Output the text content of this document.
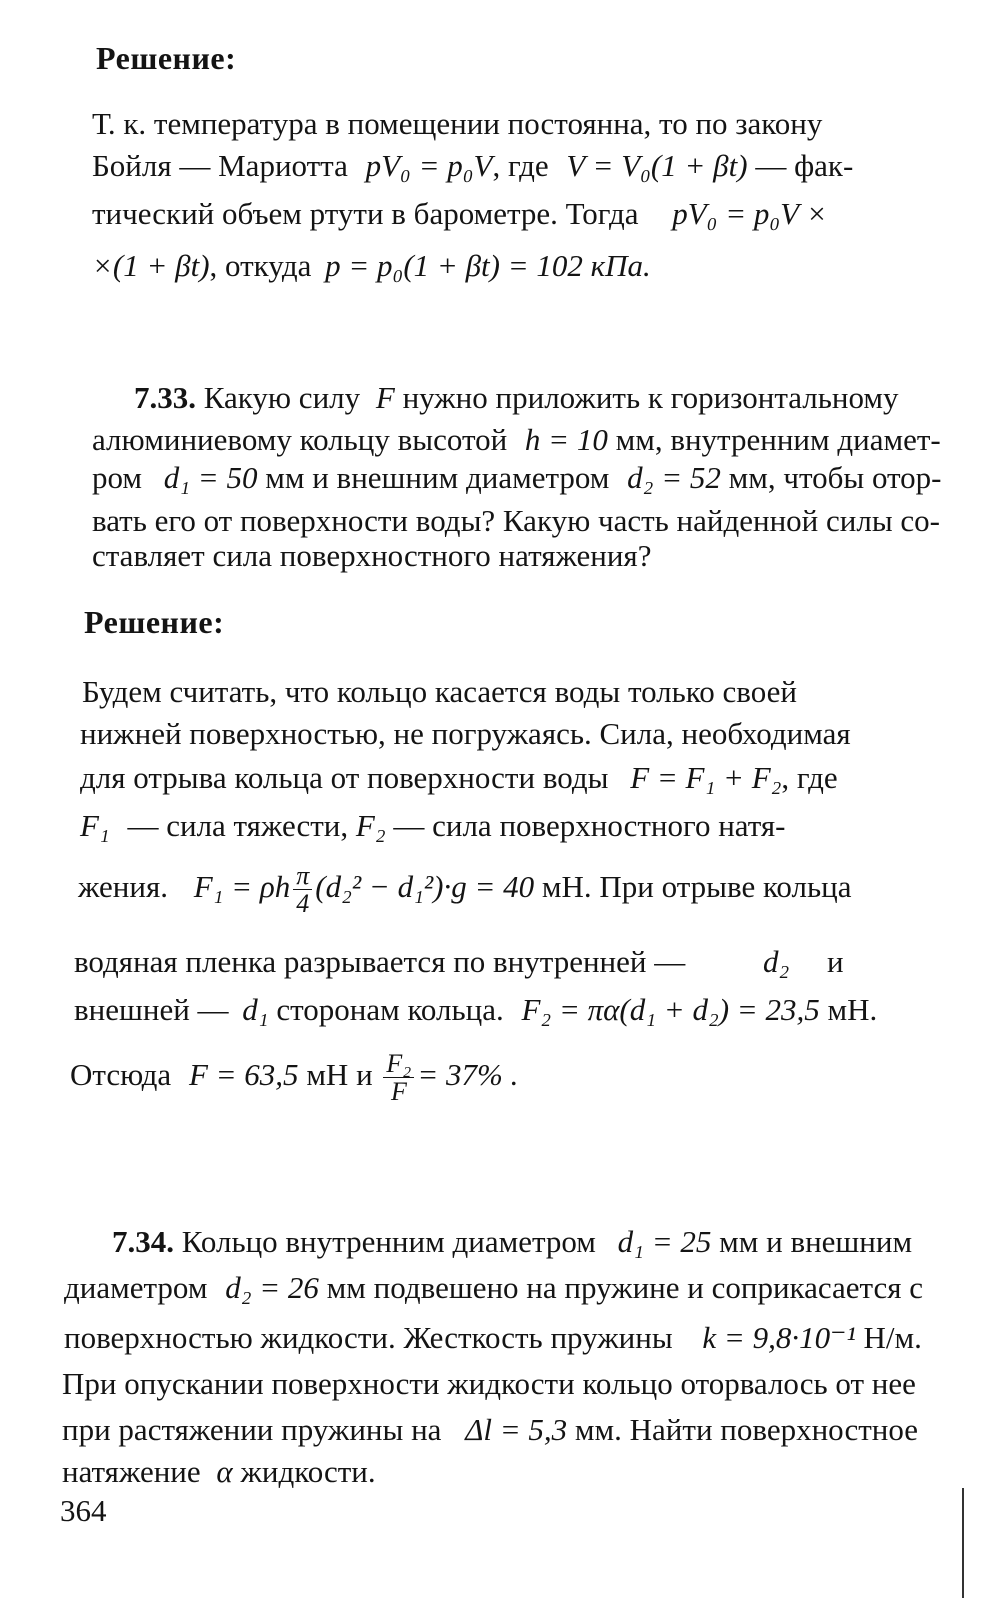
Решение:
Т. к. температура в помещении постоянна, то по закону
Бойля — Мариотта pV₀ = p₀V, где V = V₀(1 + βt) — фак-
тический объем ртути в барометре. Тогда pV₀ = p₀V ×
×(1 + βt), откуда p = p₀(1 + βt) = 102 кПа.
7.33. Какую силу F нужно приложить к горизонтальному
алюминиевому кольцу высотой h = 10 мм, внутренним диамет-
ром d₁ = 50 мм и внешним диаметром d₂ = 52 мм, чтобы отор-
вать его от поверхности воды? Какую часть найденной силы со-
ставляет сила поверхностного натяжения?
Решение:
Будем считать, что кольцо касается воды только своей
нижней поверхностью, не погружаясь. Сила, необходимая
для отрыва кольца от поверхности воды F = F₁ + F₂, где
F₁ — сила тяжести, F₂ — сила поверхностного натя-
жения. F₁ = ρh $\frac{\pi}{4} (d_2^2 - d_1^2)\cdot g = 40$ мН. При отрыве кольца
водяная пленка разрывается по внутренней —	d₂ и
внешней — d₁ сторонам кольца. F₂ = πα(d₁ + d₂) = 23,5 мН.
Отсюда F = 63,5 мН и $\frac{\text{F₂}}{F} = 37\%$ .
7.34. Кольцо внутренним диаметром d₁ = 25 мм и внешним
диаметром d₂ = 26 мм подвешено на пружине и соприкасается с
поверхностью жидкости. Жесткость пружины k = 9,8·10⁻¹ Н/м.
При опускании поверхности жидкости кольцо оторвалось от нее
при растяжении пружины на Δl = 5,3 мм. Найти поверхностное
натяжение α жидкости.
364
